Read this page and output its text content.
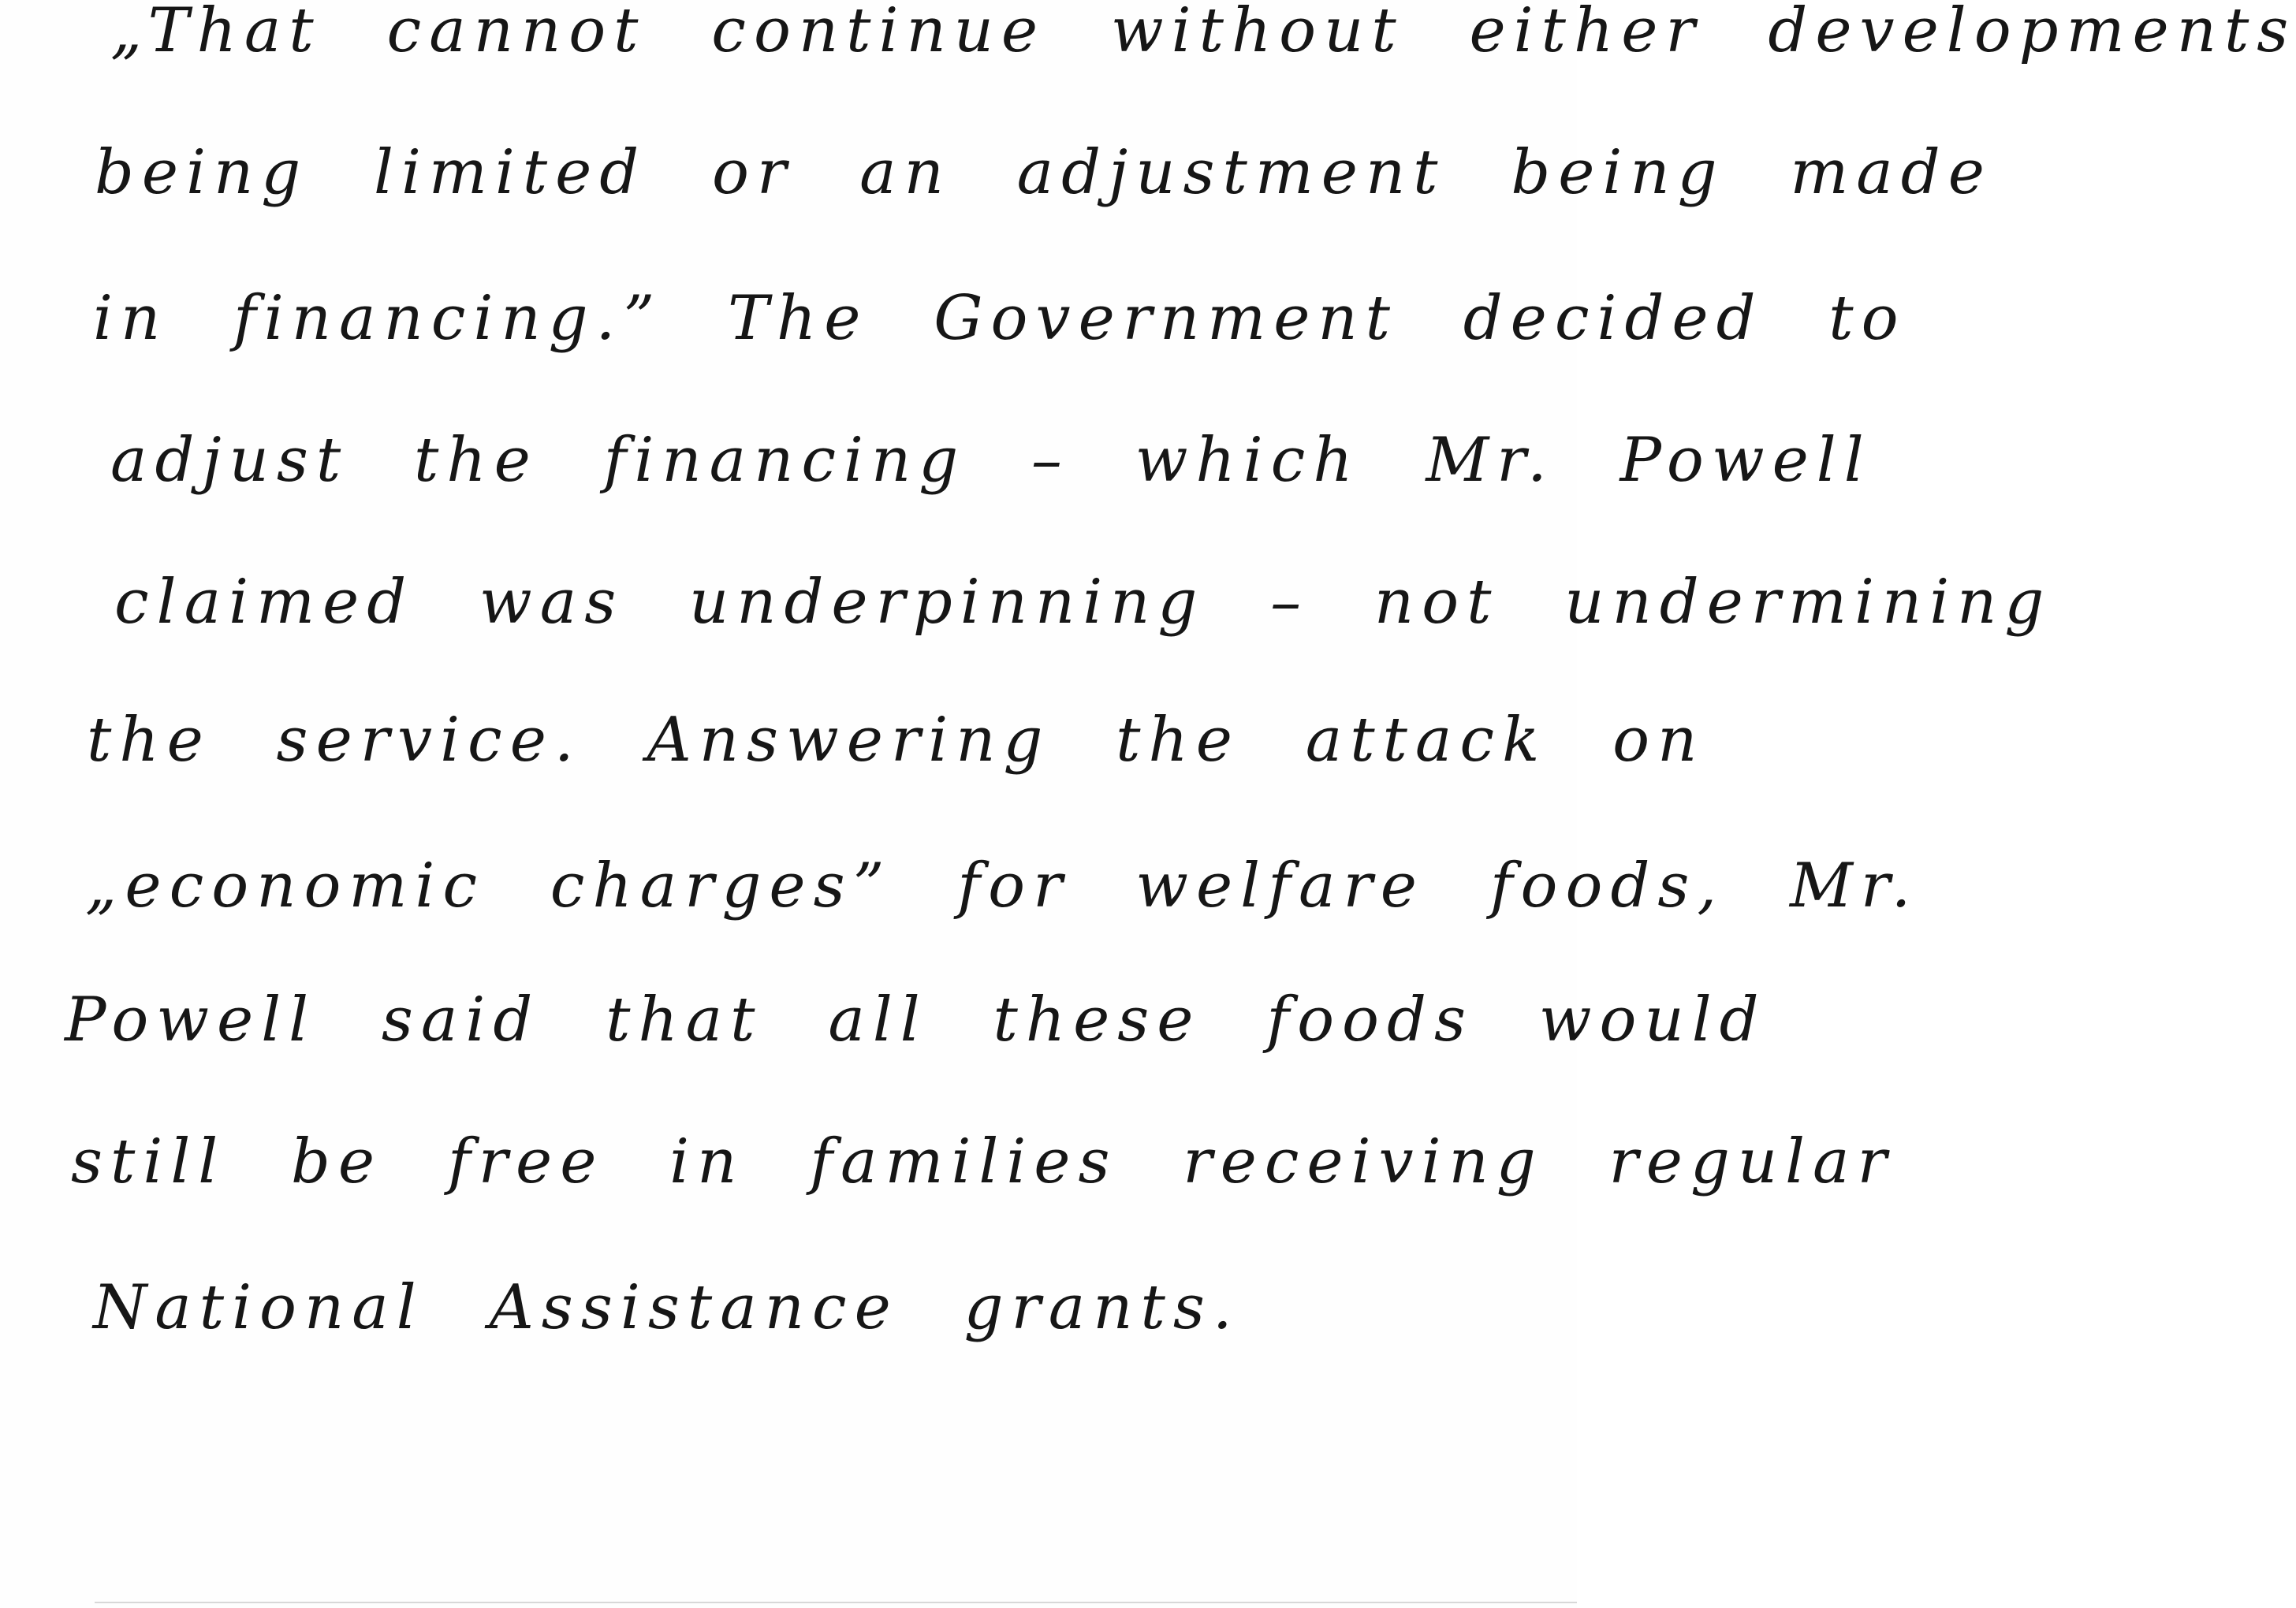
„That cannot continue without either developments
being limited or an adjustment being made
in financing.” The Government decided to
adjust the financing – which Mr. Powell
claimed was underpinning – not undermining
the service. Answering the attack on
„economic charges” for welfare foods, Mr.
Powell said that all these foods would
still be free in families receiving regular
National Assistance grants.
